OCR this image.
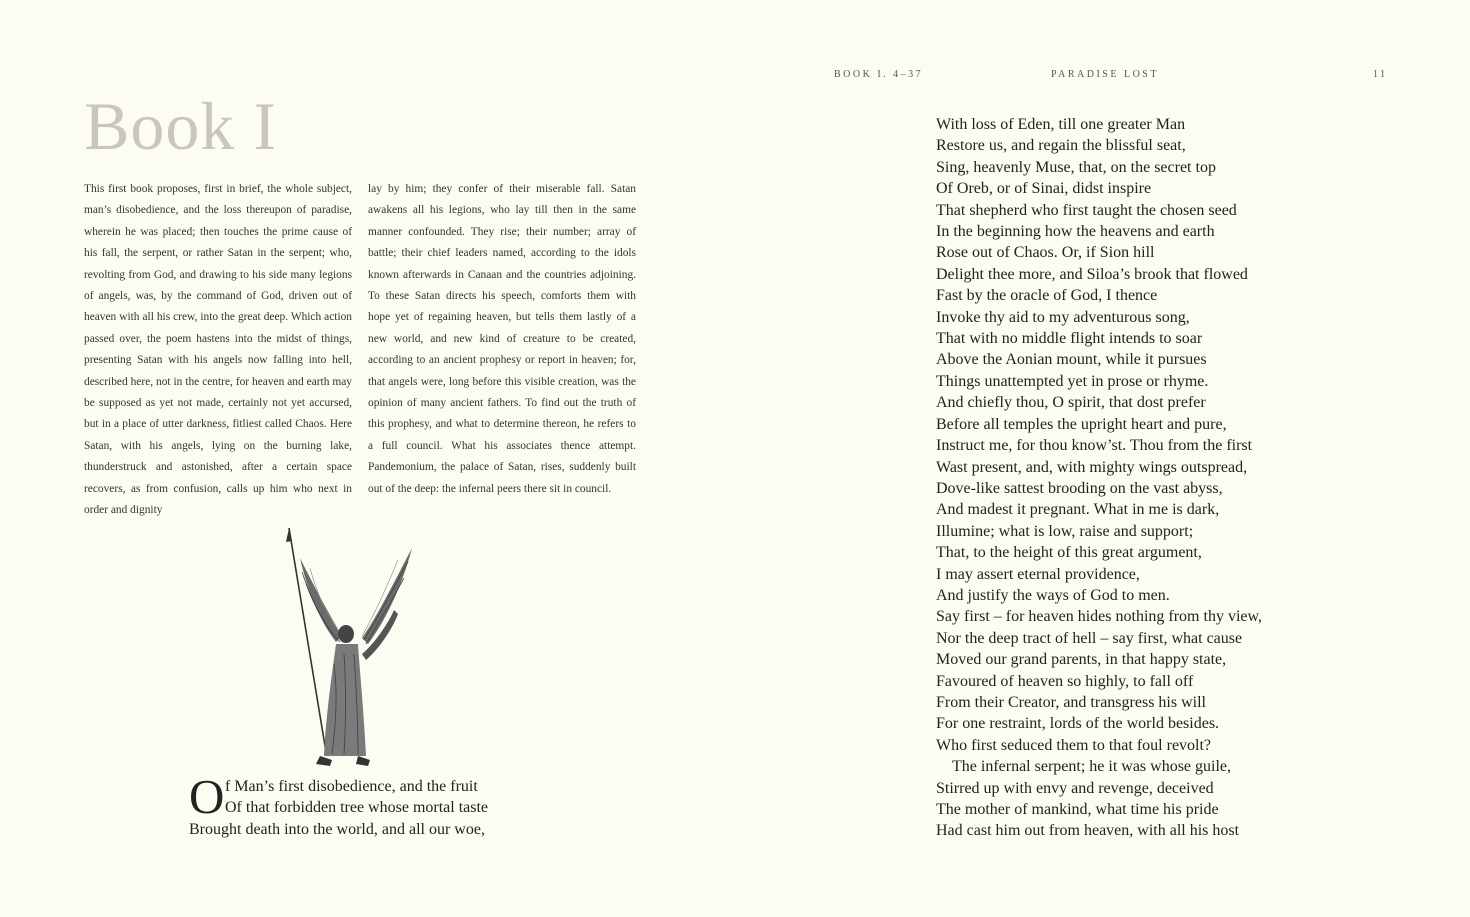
Book I
This first book proposes, first in brief, the whole subject, man’s disobedience, and the loss thereupon of paradise, wherein he was placed; then touches the prime cause of his fall, the serpent, or rather Satan in the serpent; who, revolting from God, and drawing to his side many legions of angels, was, by the command of God, driven out of heaven with all his crew, into the great deep. Which action passed over, the poem hastens into the midst of things, presenting Satan with his angels now falling into hell, described here, not in the centre, for heaven and earth may be supposed as yet not made, certainly not yet accursed, but in a place of utter darkness, fitliest called Chaos. Here Satan, with his angels, lying on the burning lake, thunderstruck and astonished, after a certain space recovers, as from confusion, calls up him who next in order and dignity
lay by him; they confer of their miserable fall. Satan awakens all his legions, who lay till then in the same manner confounded. They rise; their number; array of battle; their chief leaders named, according to the idols known afterwards in Canaan and the countries adjoining. To these Satan directs his speech, comforts them with hope yet of regaining heaven, but tells them lastly of a new world, and new kind of creature to be created, according to an ancient prophesy or report in heaven; for, that angels were, long before this visible creation, was the opinion of many ancient fathers. To find out the truth of this prophesy, and what to determine thereon, he refers to a full council. What his associates thence attempt. Pandemonium, the palace of Satan, rises, suddenly built out of the deep: the infernal peers there sit in council.
O f Man’s first disobedience, and the fruit
Of that forbidden tree whose mortal taste
Brought death into the world, and all our woe,
BOOK I. 4–37	PARADISE LOST	11
With loss of Eden, till one greater Man
Restore us, and regain the blissful seat,
Sing, heavenly Muse, that, on the secret top
Of Oreb, or of Sinai, didst inspire
That shepherd who first taught the chosen seed
In the beginning how the heavens and earth
Rose out of Chaos. Or, if Sion hill
Delight thee more, and Siloa’s brook that flowed
Fast by the oracle of God, I thence
Invoke thy aid to my adventurous song,
That with no middle flight intends to soar
Above the Aonian mount, while it pursues
Things unattempted yet in prose or rhyme.
And chiefly thou, O spirit, that dost prefer
Before all temples the upright heart and pure,
Instruct me, for thou know’st. Thou from the first
Wast present, and, with mighty wings outspread,
Dove-like sattest brooding on the vast abyss,
And madest it pregnant. What in me is dark,
Illumine; what is low, raise and support;
That, to the height of this great argument,
I may assert eternal providence,
And justify the ways of God to men.
Say first – for heaven hides nothing from thy view,
Nor the deep tract of hell – say first, what cause
Moved our grand parents, in that happy state,
Favoured of heaven so highly, to fall off
From their Creator, and transgress his will
For one restraint, lords of the world besides.
Who first seduced them to that foul revolt?
The infernal serpent; he it was whose guile,
Stirred up with envy and revenge, deceived
The mother of mankind, what time his pride
Had cast him out from heaven, with all his host
